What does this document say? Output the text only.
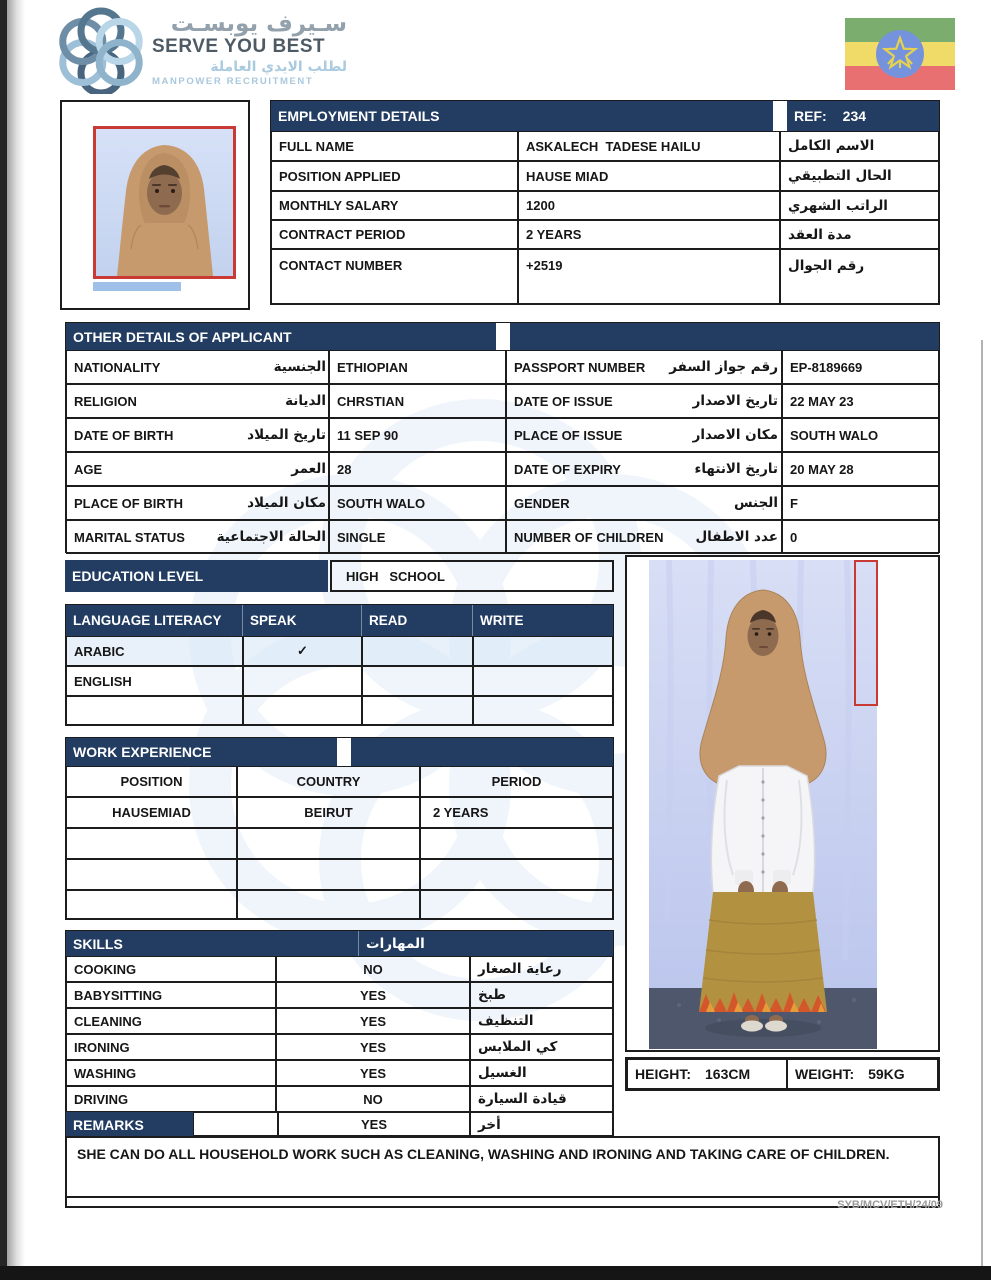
سـيرف يوبسـت
SERVE YOU BEST
لطلب الايدي العاملة
MANPOWER RECRUITMENT
EMPLOYMENT DETAILS	REF: 234
FULL NAME	ASKALECH  TADESE HAILU	الاسم الكامل
POSITION APPLIED	HAUSE MIAD	الحال التطبيقي
MONTHLY SALARY	1200	الراتب الشهري
CONTRACT PERIOD	2 YEARS	مدة العقد
CONTACT NUMBER	+2519	رقم الجوال
OTHER DETAILS OF APPLICANT
NATIONALITY	الجنسية ETHIOPIAN	PASSPORT NUMBER رقم جواز السفر EP-8189669
RELIGION	الديانة CHRSTIAN	DATE OF ISSUE	تاريخ الاصدار 22 MAY 23
DATE OF BIRTH	تاريخ الميلاد 11 SEP 90	PLACE OF ISSUE	مكان الاصدار SOUTH WALO
AGE	العمر 28	DATE OF EXPIRY	تاريخ الانتهاء 20 MAY 28
PLACE OF BIRTH	مكان الميلاد SOUTH WALO	GENDER	الجنس F
MARITAL STATUS الحالة الاجتماعية SINGLE	NUMBER OF CHILDREN عدد الاطفال 0
EDUCATION LEVEL	HIGH   SCHOOL
LANGUAGE LITERACY	SPEAK	READ	WRITE
ARABIC	✓
ENGLISH
WORK EXPERIENCE
POSITION	COUNTRY	PERIOD
HAUSEMIAD	BEIRUT	2 YEARS
SKILLS	المهارات
COOKING	NO	رعاية الصغار
BABYSITTING	YES	طبخ
CLEANING	YES	التنظيف
IRONING	YES	كي الملابس
WASHING	YES	الغسيل
DRIVING	NO	قيادة السيارة
REMARKS	YES	أخر
SHE CAN DO ALL HOUSEHOLD WORK SUCH AS CLEANING, WASHING AND IRONING AND TAKING CARE OF CHILDREN.
SYB/MCV/ETH/24/09
HEIGHT: 163CM	WEIGHT: 59KG
